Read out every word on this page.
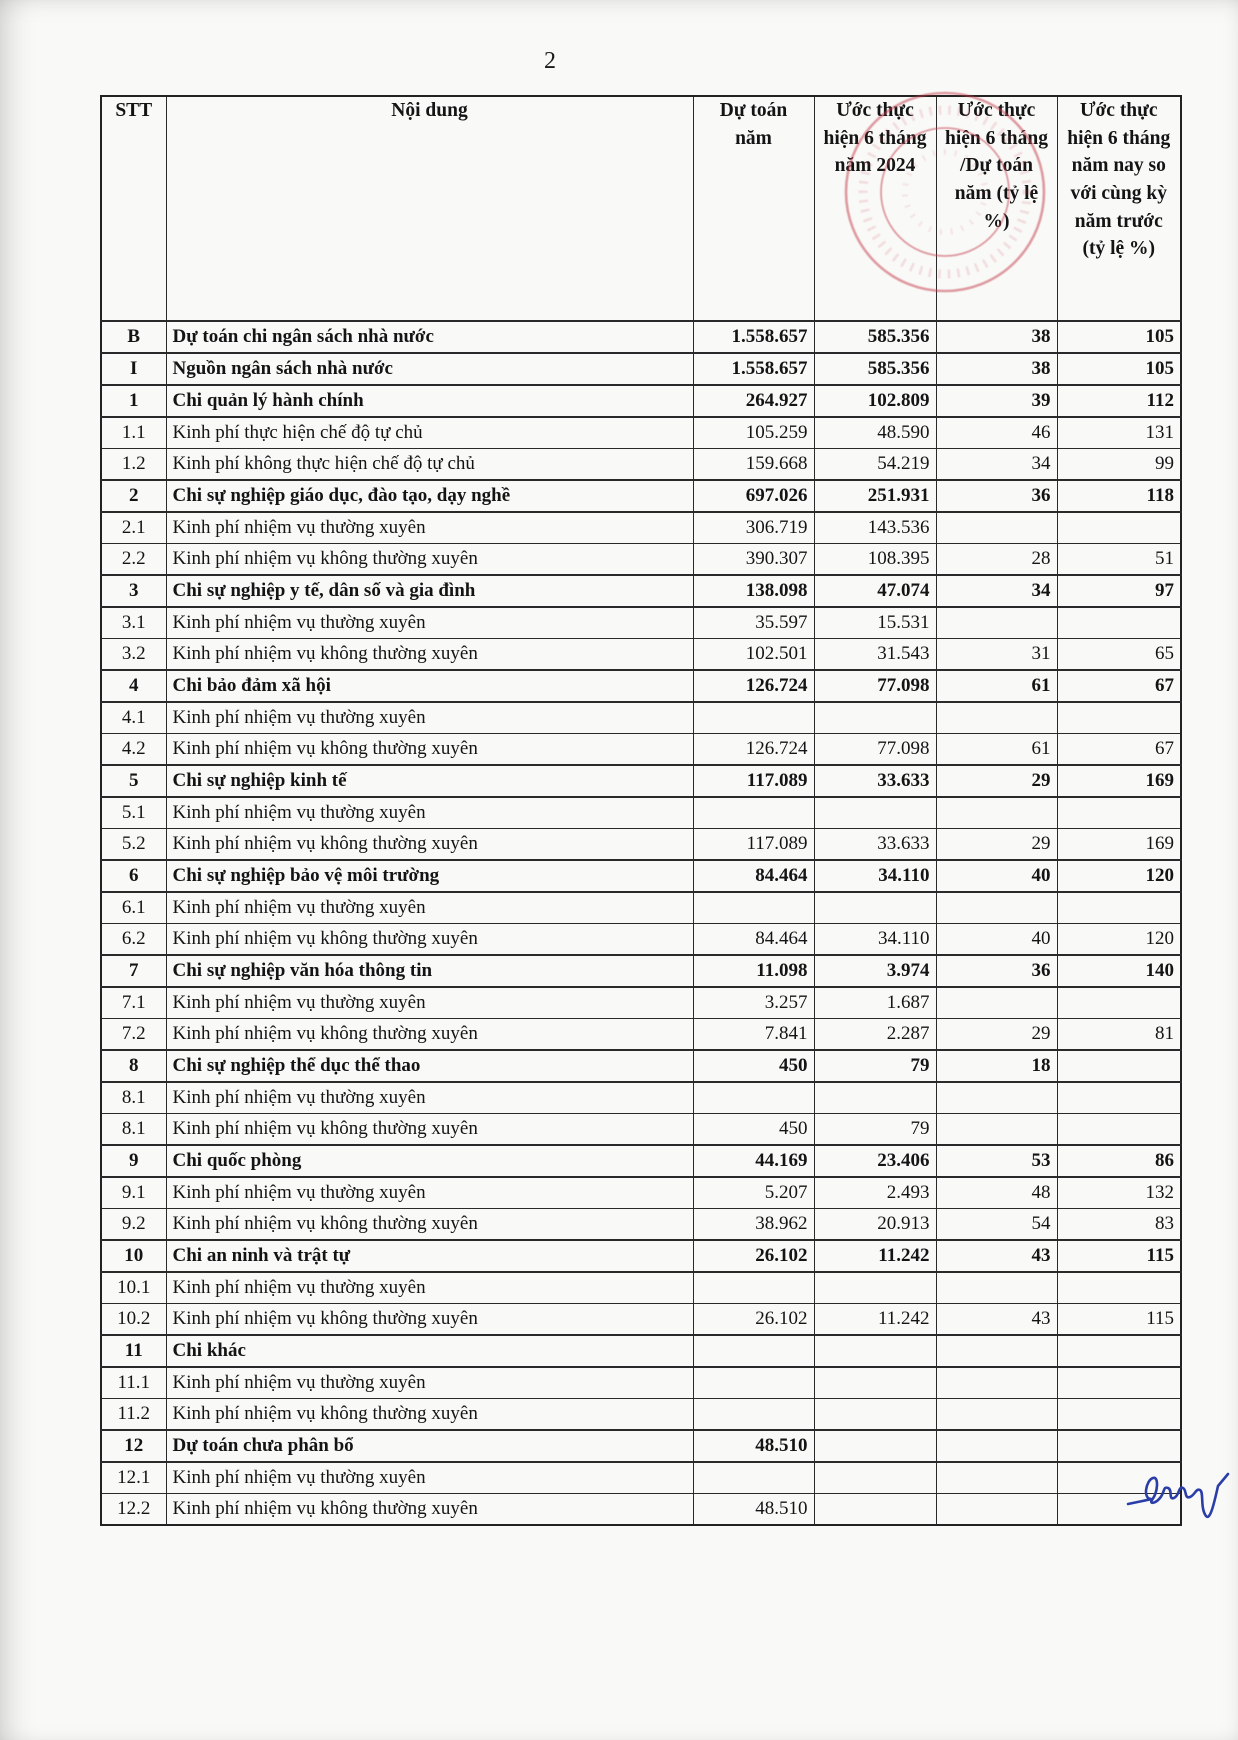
2
STT	Nội dung	Dự toán năm	Ước thực hiện 6 tháng năm 2024	Ước thực hiện 6 tháng /Dự toán năm (tỷ lệ %)	Ước thực hiện 6 tháng năm nay so với cùng kỳ năm trước (tỷ lệ %)
B	Dự toán chi ngân sách nhà nước	1.558.657	585.356	38	105
I	Nguồn ngân sách nhà nước	1.558.657	585.356	38	105
1	Chi quản lý hành chính	264.927	102.809	39	112
1.1	Kinh phí thực hiện chế độ tự chủ	105.259	48.590	46	131
1.2	Kinh phí không thực hiện chế độ tự chủ	159.668	54.219	34	99
2	Chi sự nghiệp giáo dục, đào tạo, dạy nghề	697.026	251.931	36	118
2.1	Kinh phí nhiệm vụ thường xuyên	306.719	143.536		
2.2	Kinh phí nhiệm vụ không thường xuyên	390.307	108.395	28	51
3	Chi sự nghiệp y tế, dân số và gia đình	138.098	47.074	34	97
3.1	Kinh phí nhiệm vụ thường xuyên	35.597	15.531		
3.2	Kinh phí nhiệm vụ không thường xuyên	102.501	31.543	31	65
4	Chi bảo đảm xã hội	126.724	77.098	61	67
4.1	Kinh phí nhiệm vụ thường xuyên				
4.2	Kinh phí nhiệm vụ không thường xuyên	126.724	77.098	61	67
5	Chi sự nghiệp kinh tế	117.089	33.633	29	169
5.1	Kinh phí nhiệm vụ thường xuyên				
5.2	Kinh phí nhiệm vụ không thường xuyên	117.089	33.633	29	169
6	Chi sự nghiệp bảo vệ môi trường	84.464	34.110	40	120
6.1	Kinh phí nhiệm vụ thường xuyên				
6.2	Kinh phí nhiệm vụ không thường xuyên	84.464	34.110	40	120
7	Chi sự nghiệp văn hóa thông tin	11.098	3.974	36	140
7.1	Kinh phí nhiệm vụ thường xuyên	3.257	1.687		
7.2	Kinh phí nhiệm vụ không thường xuyên	7.841	2.287	29	81
8	Chi sự nghiệp thể dục thể thao	450	79	18	
8.1	Kinh phí nhiệm vụ thường xuyên				
8.1	Kinh phí nhiệm vụ không thường xuyên	450	79		
9	Chi quốc phòng	44.169	23.406	53	86
9.1	Kinh phí nhiệm vụ thường xuyên	5.207	2.493	48	132
9.2	Kinh phí nhiệm vụ không thường xuyên	38.962	20.913	54	83
10	Chi an ninh và trật tự	26.102	11.242	43	115
10.1	Kinh phí nhiệm vụ thường xuyên				
10.2	Kinh phí nhiệm vụ không thường xuyên	26.102	11.242	43	115
11	Chi khác				
11.1	Kinh phí nhiệm vụ thường xuyên				
11.2	Kinh phí nhiệm vụ không thường xuyên				
12	Dự toán chưa phân bổ	48.510			
12.1	Kinh phí nhiệm vụ thường xuyên				
12.2	Kinh phí nhiệm vụ không thường xuyên	48.510			
